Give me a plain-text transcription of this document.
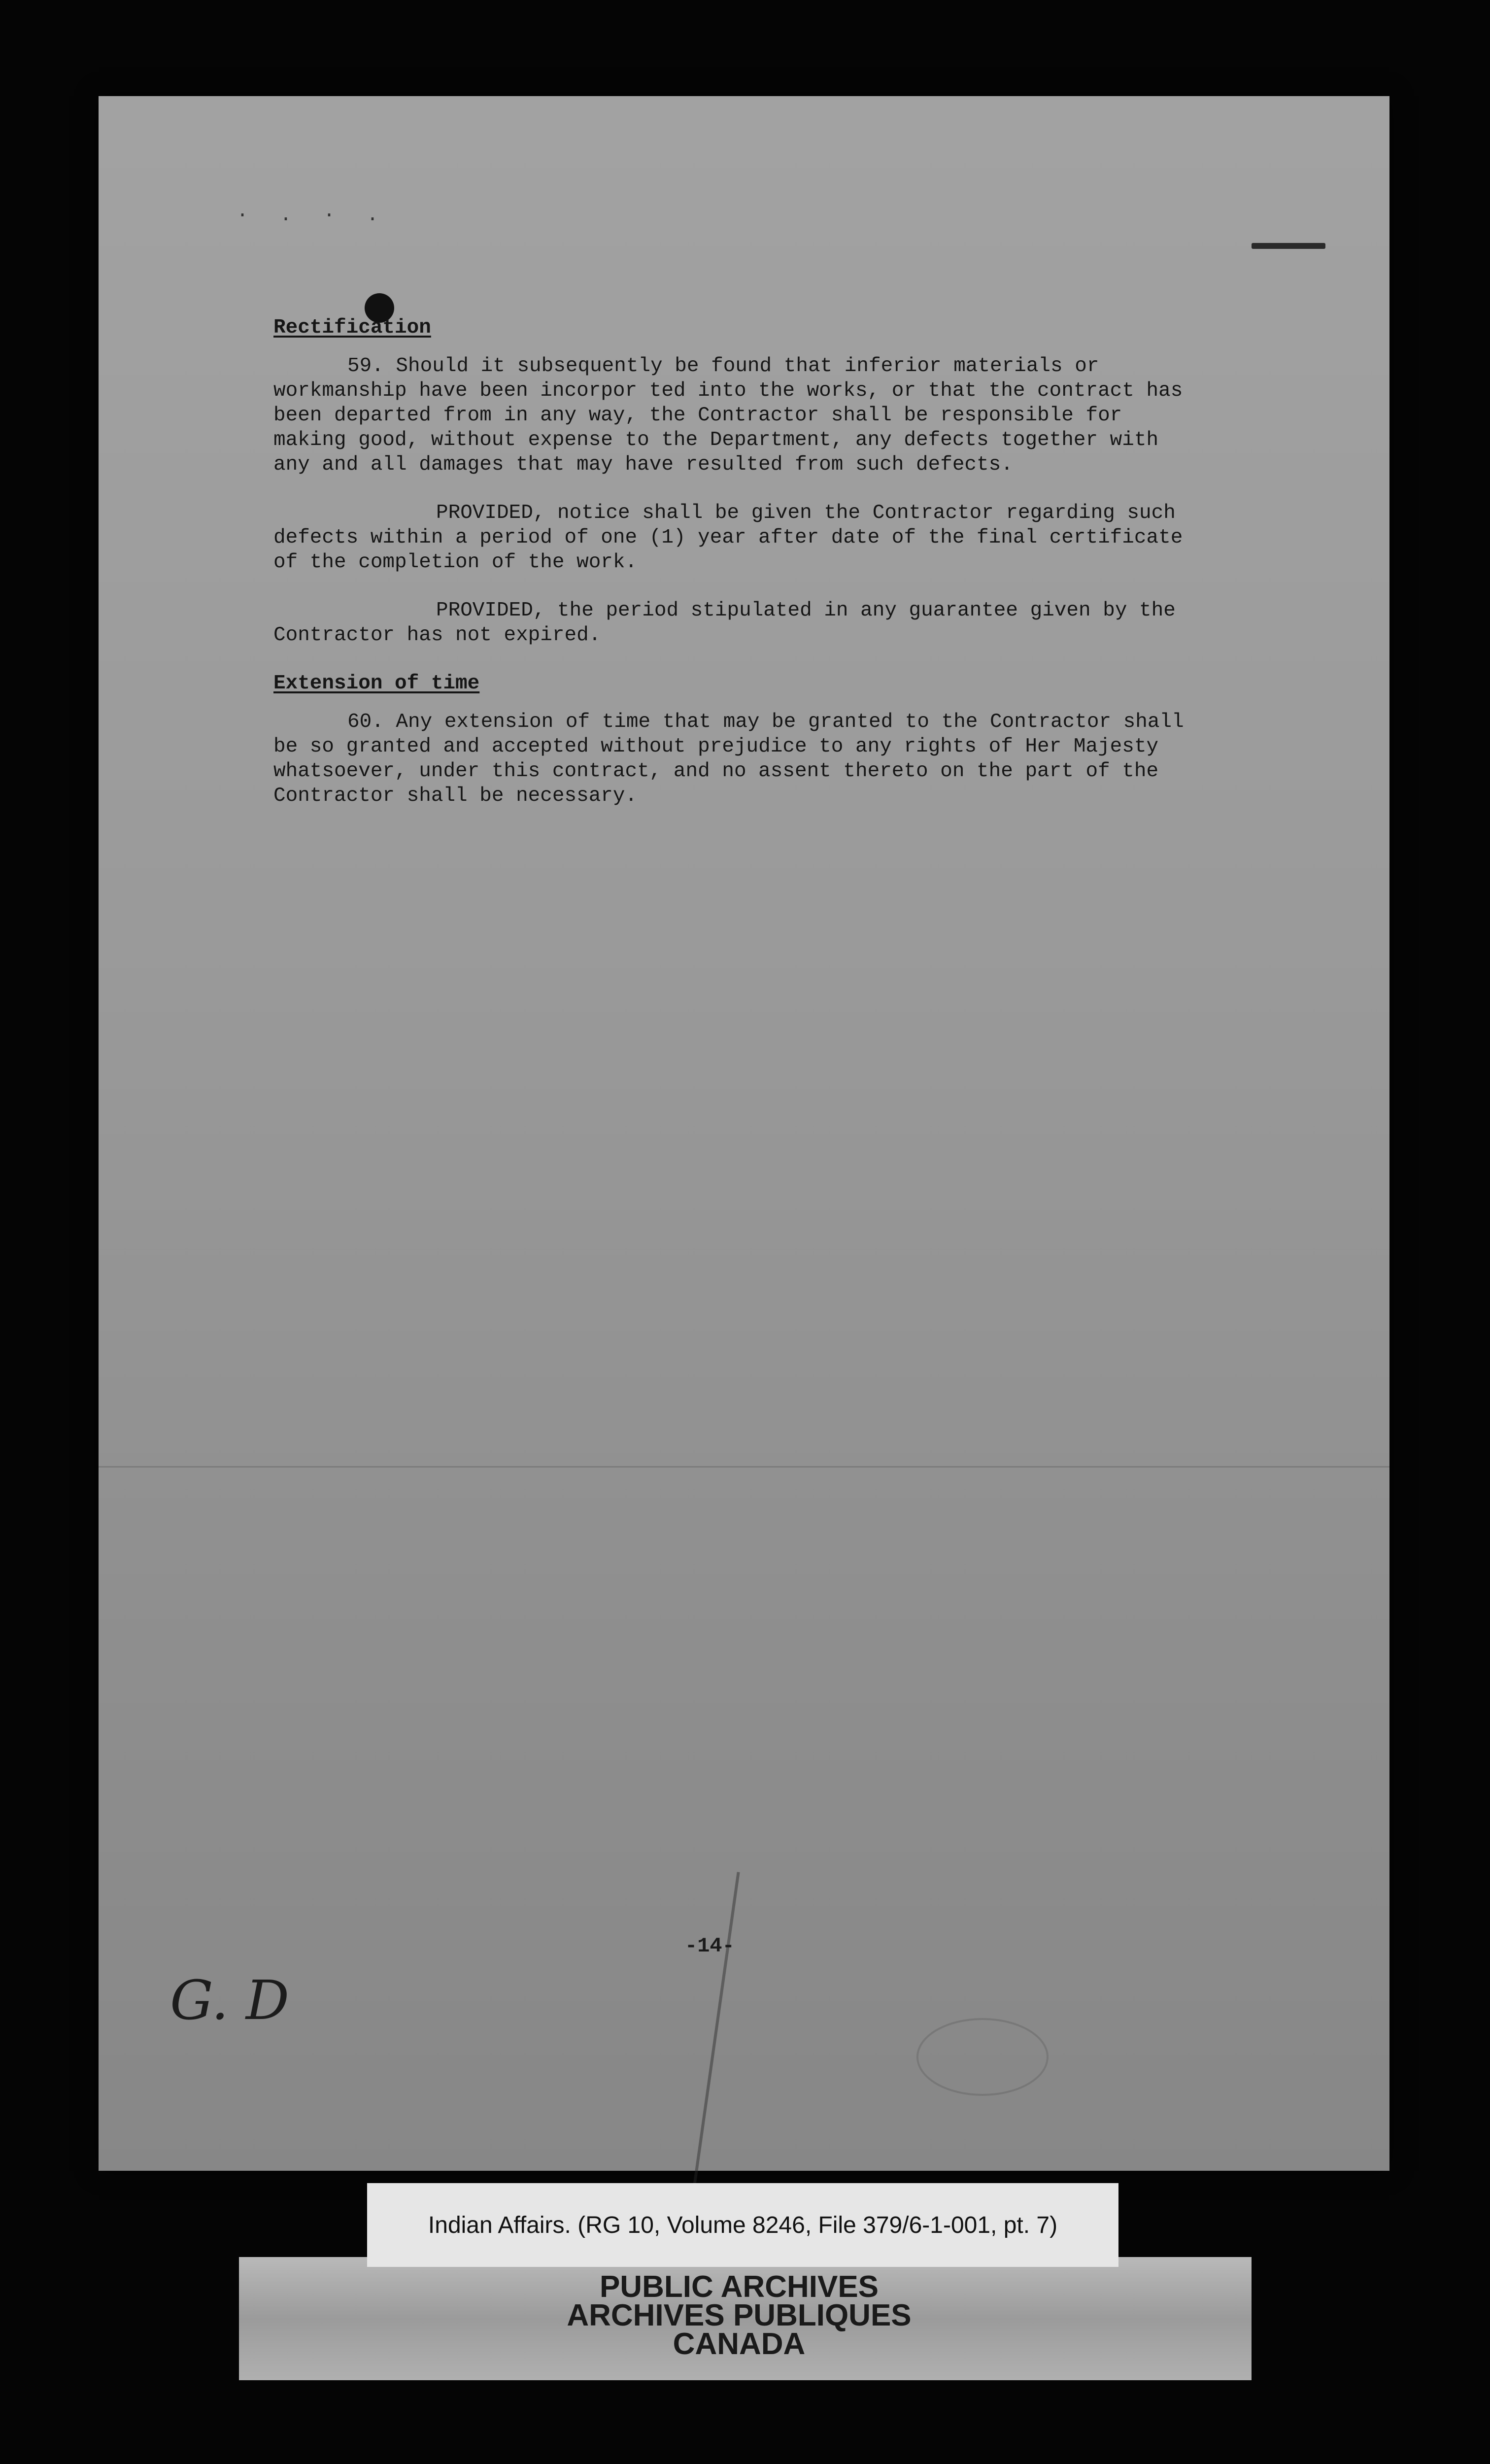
· . · .

Rectification

59. Should it subsequently be found that inferior materials or workmanship have been incorpor ted into the works, or that the contract has been departed from in any way, the Contractor shall be responsible for making good, without expense to the Department, any defects together with any and all damages that may have resulted from such defects.

PROVIDED, notice shall be given the Contractor regarding such defects within a period of one (1) year after date of the final certificate of the completion of the work.

PROVIDED, the period stipulated in any guarantee given by the Contractor has not expired.

Extension of time

60. Any extension of time that may be granted to the Contractor shall be so granted and accepted without prejudice to any rights of Her Majesty whatsoever, under this contract, and no assent thereto on the part of the Contractor shall be necessary.

-14-
G. D
Indian Affairs. (RG 10, Volume 8246, File 379/6-1-001, pt. 7)
PUBLIC ARCHIVES
ARCHIVES PUBLIQUES
CANADA
